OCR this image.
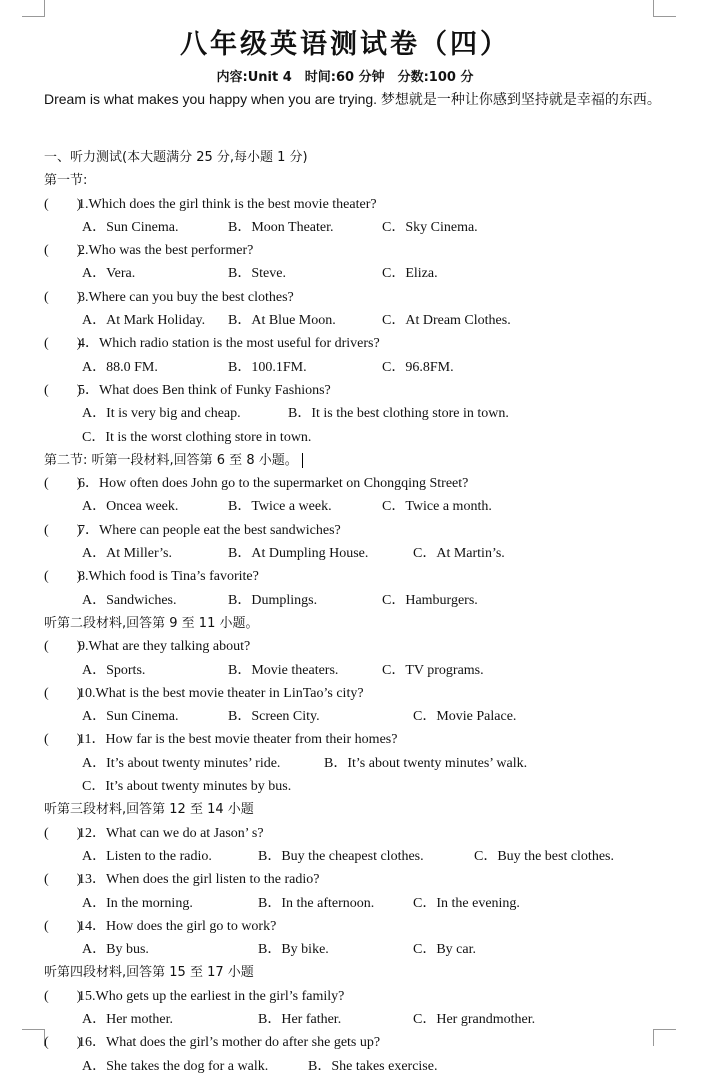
八年级英语测试卷（四）
内容:Unit 4　时间:60 分钟　分数:100 分
Dream is what makes you happy when you are trying. 梦想就是一种让你感到坚持就是幸福的东西。
一、听力测试(本大题满分 25 分,每小题 1 分)
第一节:
(　　)1.Which does the girl think is the best movie theater?
A．Sun Cinema.	B．Moon Theater.	C．Sky Cinema.
(　　)2.Who was the best performer?
A．Vera.	B．Steve.	C．Eliza.
(　　)3.Where can you buy the best clothes?
A．At Mark Holiday. B．At Blue Moon.	C．At Dream Clothes.
(　　)4．Which radio station is the most useful for drivers?
A．88.0 FM.	B．100.1FM.	C．96.8FM.
(　　)5．What does Ben think of Funky Fashions?
A．It is very big and cheap.	B．It is the best clothing store in town.
C．It is the worst clothing store in town.
第二节: 听第一段材料,回答第 6 至 8 小题。
(　　)6．How often does John go to the supermarket on Chongqing Street?
A．Oncea week.	B．Twice a week.	C．Twice a month.
(　　)7．Where can people eat the best sandwiches?
A．At Miller’s.	B．At Dumpling House.	C．At Martin’s.
(　　)8.Which food is Tina’s favorite?
A．Sandwiches.	B．Dumplings.	C．Hamburgers.
听第二段材料,回答第 9 至 11 小题。
(　　)9.What are they talking about?
A．Sports.	B．Movie theaters.	C．TV programs.
(　　)10.What is the best movie theater in LinTao’s city?
A．Sun Cinema.	B．Screen City.	C．Movie Palace.
(　　)11．How far is the best movie theater from their homes?
A．It’s about twenty minutes’ ride.	B．It’s about twenty minutes’ walk.
C．It’s about twenty minutes by bus.
听第三段材料,回答第 12 至 14 小题
(　　)12．What can we do at Jason’ s?
A．Listen to the radio.	B．Buy the cheapest clothes.	C．Buy the best clothes.
(　　)13．When does the girl listen to the radio?
A．In the morning.	B．In the afternoon.	C．In the evening.
(　　)14．How does the girl go to work?
A．By bus.	B．By bike.	C．By car.
听第四段材料,回答第 15 至 17 小题
(　　)15.Who gets up the earliest in the girl’s family?
A．Her mother.	B．Her father.	C．Her grandmother.
(　　)16．What does the girl’s mother do after she gets up?
A．She takes the dog for a walk.	B．She takes exercise.
